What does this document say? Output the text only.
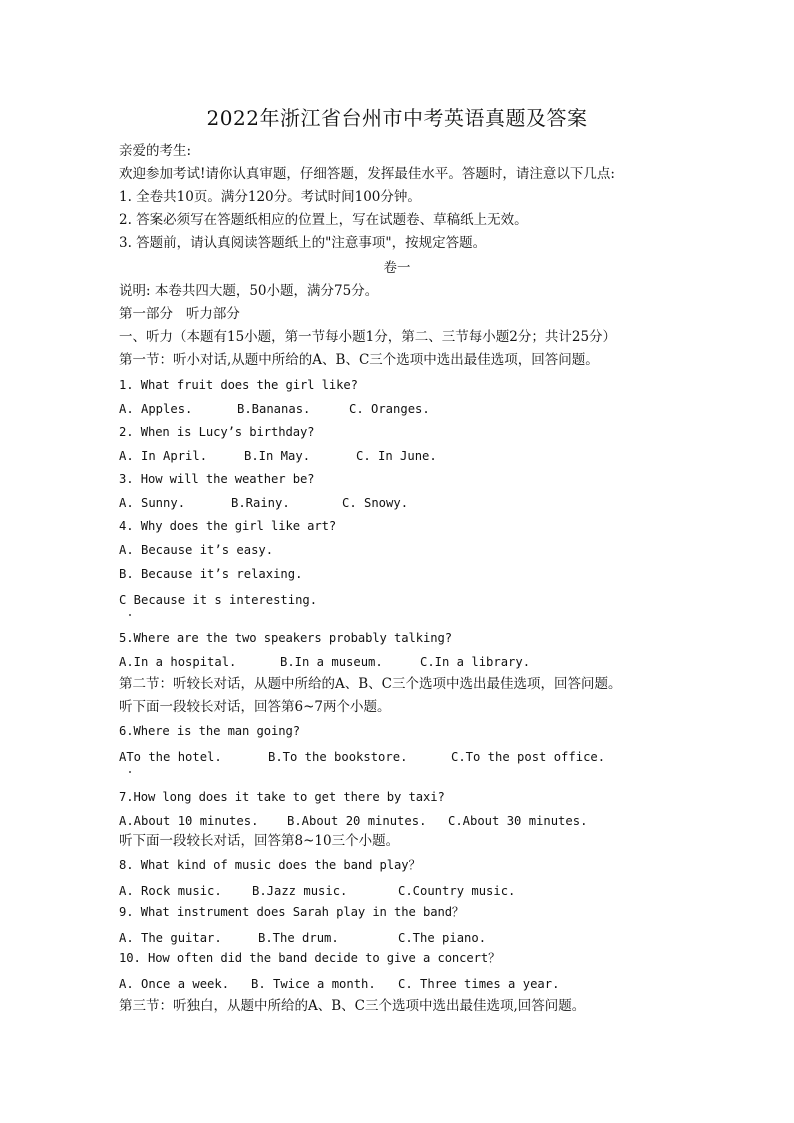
2022年浙江省台州市中考英语真题及答案
亲爱的考生:
欢迎参加考试!请你认真审题，仔细答题，发挥最佳水平。答题时，请注意以下几点:
1. 全卷共10页。满分120分。考试时间100分钟。
2. 答案必须写在答题纸相应的位置上，写在试题卷、草稿纸上无效。
3. 答题前，请认真阅读答题纸上的"注意事项"，按规定答题。
卷一
说明: 本卷共四大题，50小题，满分75分。
第一部分   听力部分
一、听力（本题有15小题，第一节每小题1分，第二、三节每小题2分；共计25分）
第一节：听小对话,从题中所给的A、B、C三个选项中选出最佳选项，回答问题。
1. What fruit does the girl like?
A. Apples.	B.Bananas.	C. Oranges.
2. When is Lucy’s birthday?
A. In April.	B.In May.	C. In June.
3. How will the weather be?
A. Sunny.	B.Rainy.	C. Snowy.
4. Why does the girl like art?
A. Because it’s easy.
B. Because it’s relaxing.
C Because it s interesting.
5.Where are the two speakers probably talking?
A.In a hospital.	B.In a museum.	C.In a library.
第二节：听较长对话，从题中所给的A、B、C三个选项中选出最佳选项，回答问题。
听下面一段较长对话，回答第6~7两个小题。
6.Where is the man going?
ATo the hotel.	B.To the bookstore.	C.To the post office.
7.How long does it take to get there by taxi?
A.About 10 minutes. B.About 20 minutes. C.About 30 minutes.
听下面一段较长对话，回答第8~10三个小题。
8. What kind of music does the band play？
A. Rock music. B.Jazz music.	C.Country music.
9. What instrument does Sarah play in the band？
A. The guitar.	B.The drum.	C.The piano.
10. How often did the band decide to give a concert？
A. Once a week. B. Twice a month. C. Three times a year.
第三节：听独白，从题中所给的A、B、C三个选项中选出最佳选项,回答问题。
